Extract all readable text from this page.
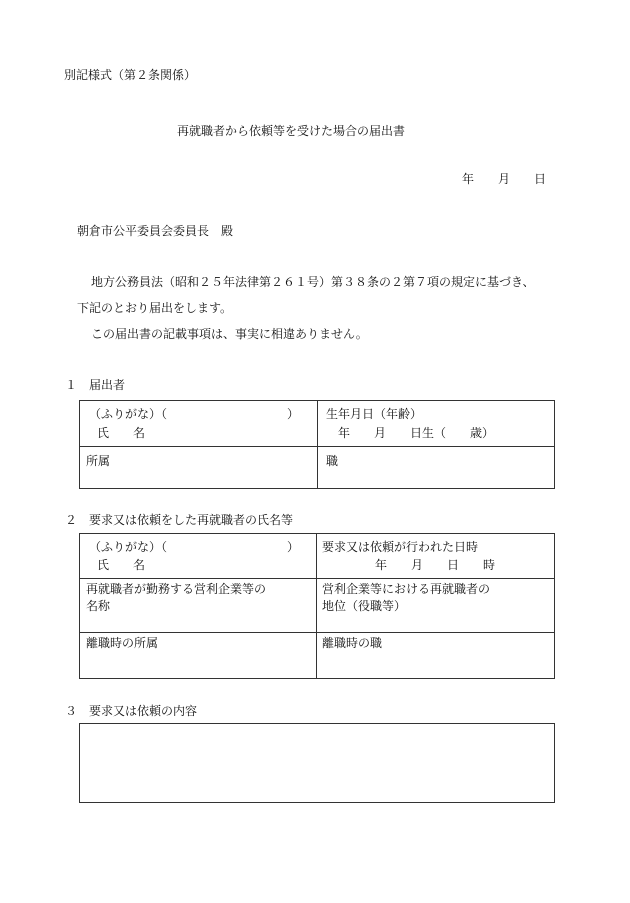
別記様式（第２条関係）
再就職者から依頼等を受けた場合の届出書
年　　月　　日
朝倉市公平委員会委員長　殿
地方公務員法（昭和２５年法律第２６１号）第３８条の２第７項の規定に基づき、
下記のとおり届出をします。
この届出書の記載事項は、事実に相違ありません。
１　届出者
（ふりがな）（　　　　　　　　　　）
氏　　名
生年月日（年齢）
年　　月　　日生（　　歳）
所属	職
２　要求又は依頼をした再就職者の氏名等
（ふりがな）（　　　　　　　　　　）
氏　　名
要求又は依頼が行われた日時
年　　月　　日　　時
再就職者が勤務する営利企業等の
名称
営利企業等における再就職者の
地位（役職等）
離職時の所属	離職時の職
３　要求又は依頼の内容
